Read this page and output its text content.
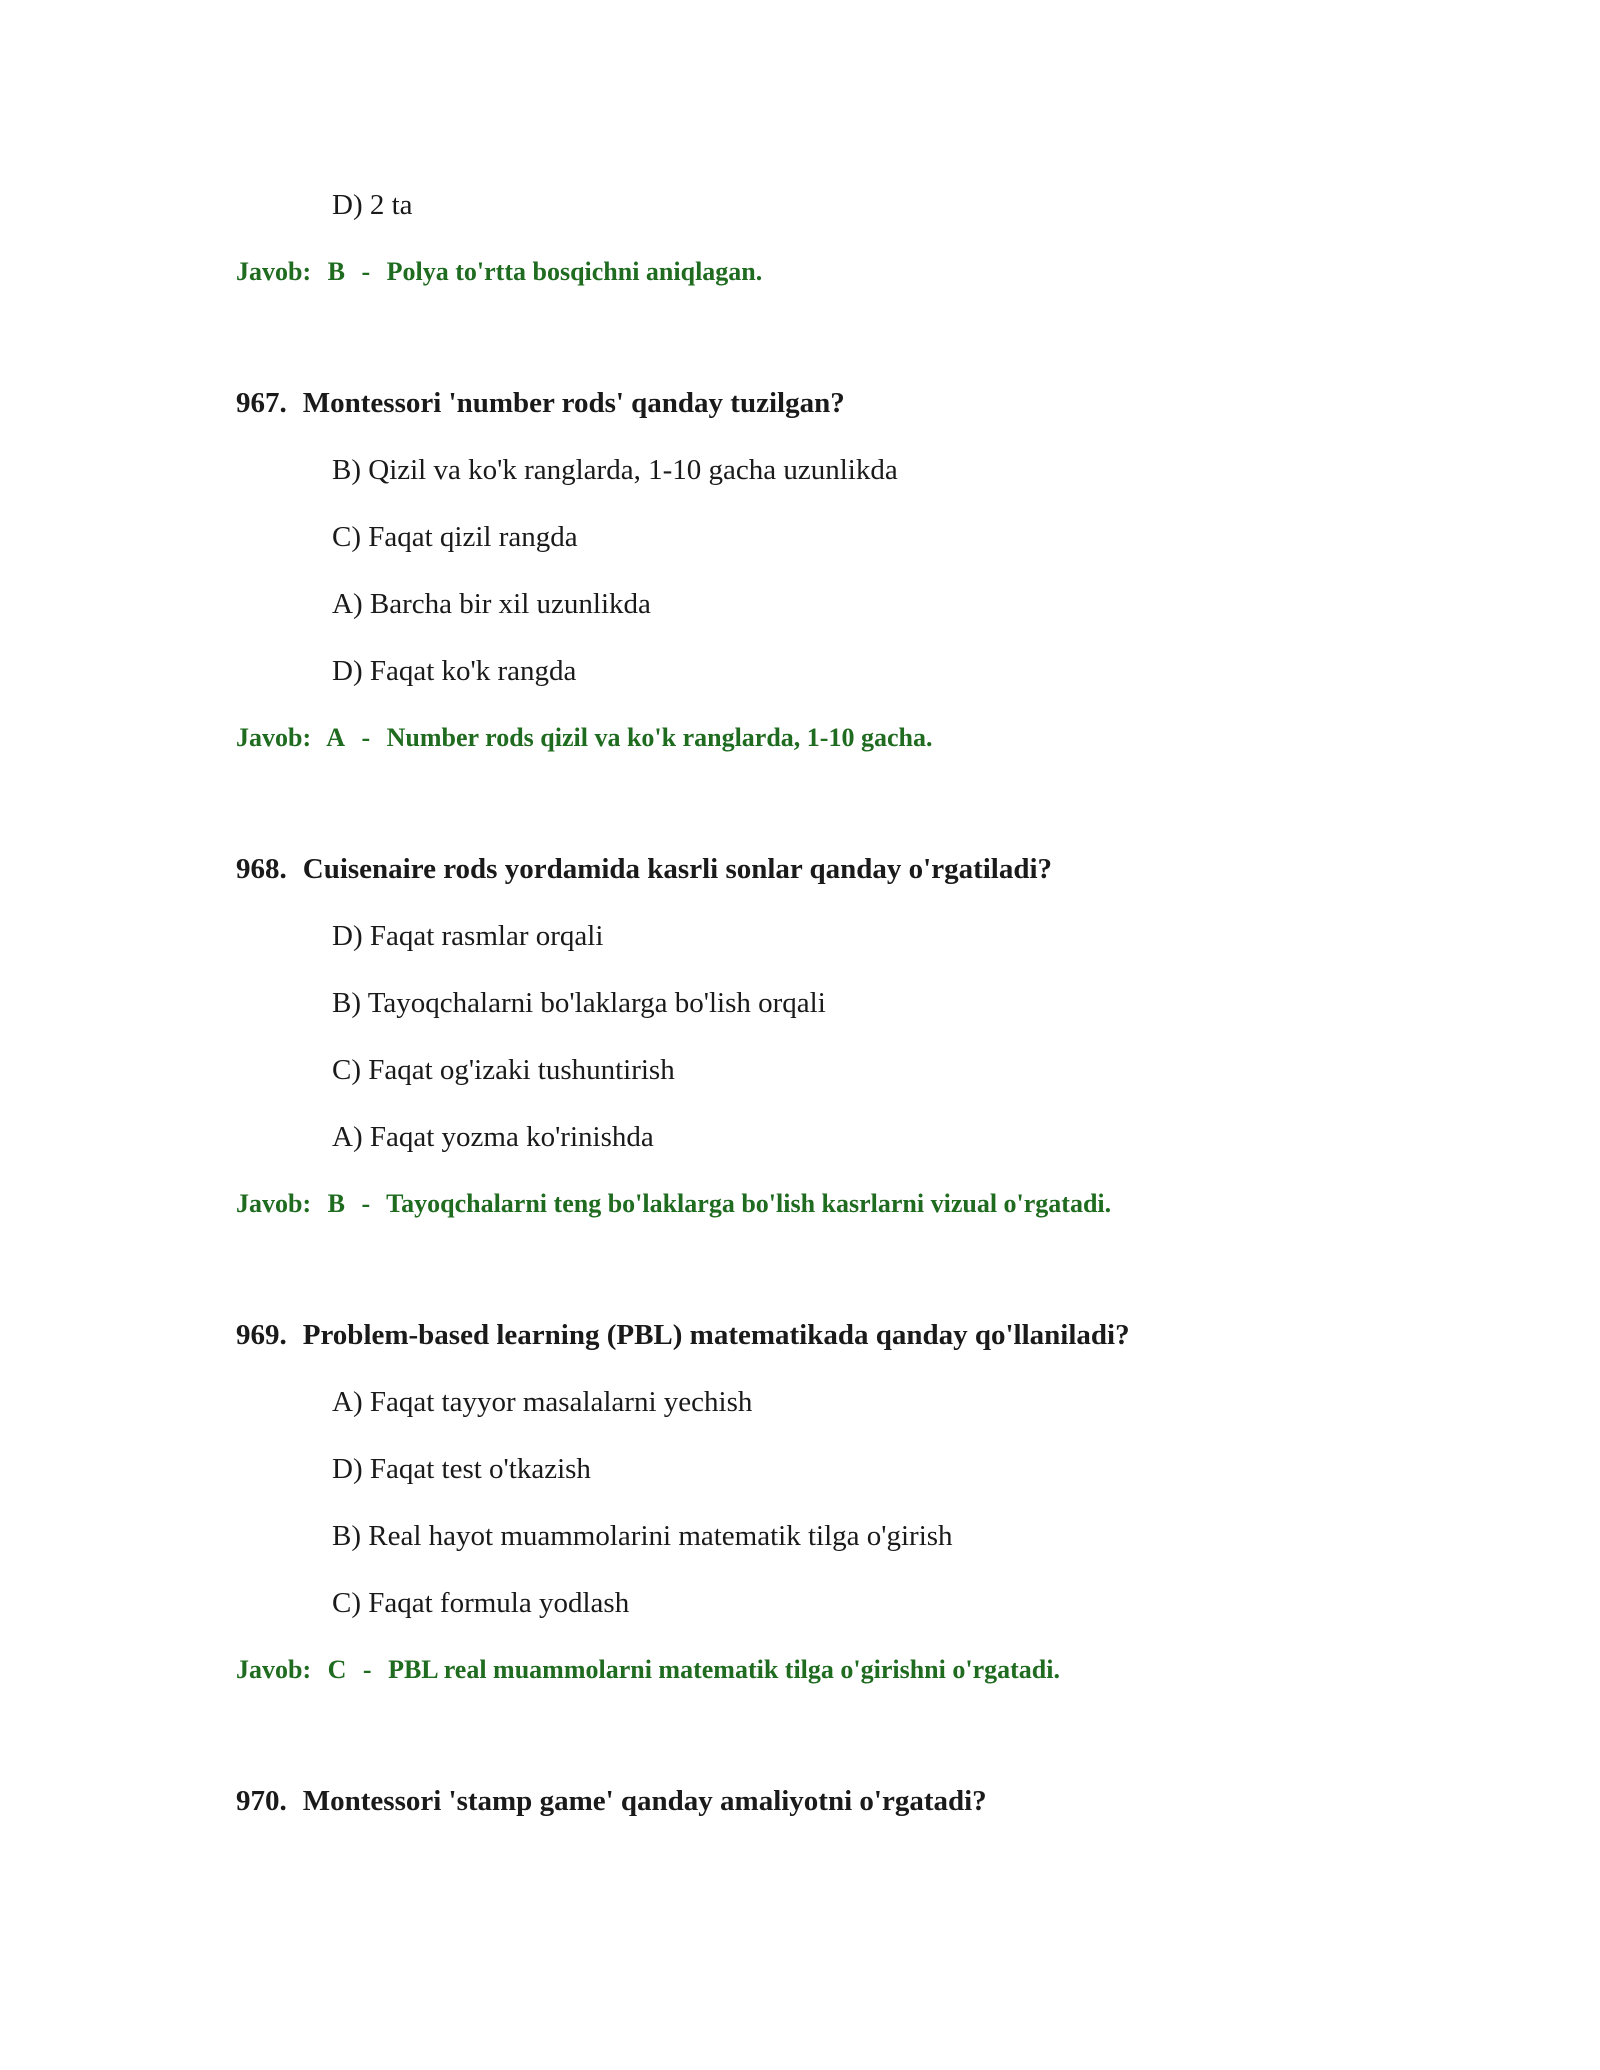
D) 2 ta
Javob: B - Polya to'rtta bosqichni aniqlagan.
967. Montessori 'number rods' qanday tuzilgan?
B) Qizil va ko'k ranglarda, 1-10 gacha uzunlikda
C) Faqat qizil rangda
A) Barcha bir xil uzunlikda
D) Faqat ko'k rangda
Javob: A - Number rods qizil va ko'k ranglarda, 1-10 gacha.
968. Cuisenaire rods yordamida kasrli sonlar qanday o'rgatiladi?
D) Faqat rasmlar orqali
B) Tayoqchalarni bo'laklarga bo'lish orqali
C) Faqat og'izaki tushuntirish
A) Faqat yozma ko'rinishda
Javob: B - Tayoqchalarni teng bo'laklarga bo'lish kasrlarni vizual o'rgatadi.
969. Problem-based learning (PBL) matematikada qanday qo'llaniladi?
A) Faqat tayyor masalalarni yechish
D) Faqat test o'tkazish
B) Real hayot muammolarini matematik tilga o'girish
C) Faqat formula yodlash
Javob: C - PBL real muammolarni matematik tilga o'girishni o'rgatadi.
970. Montessori 'stamp game' qanday amaliyotni o'rgatadi?
